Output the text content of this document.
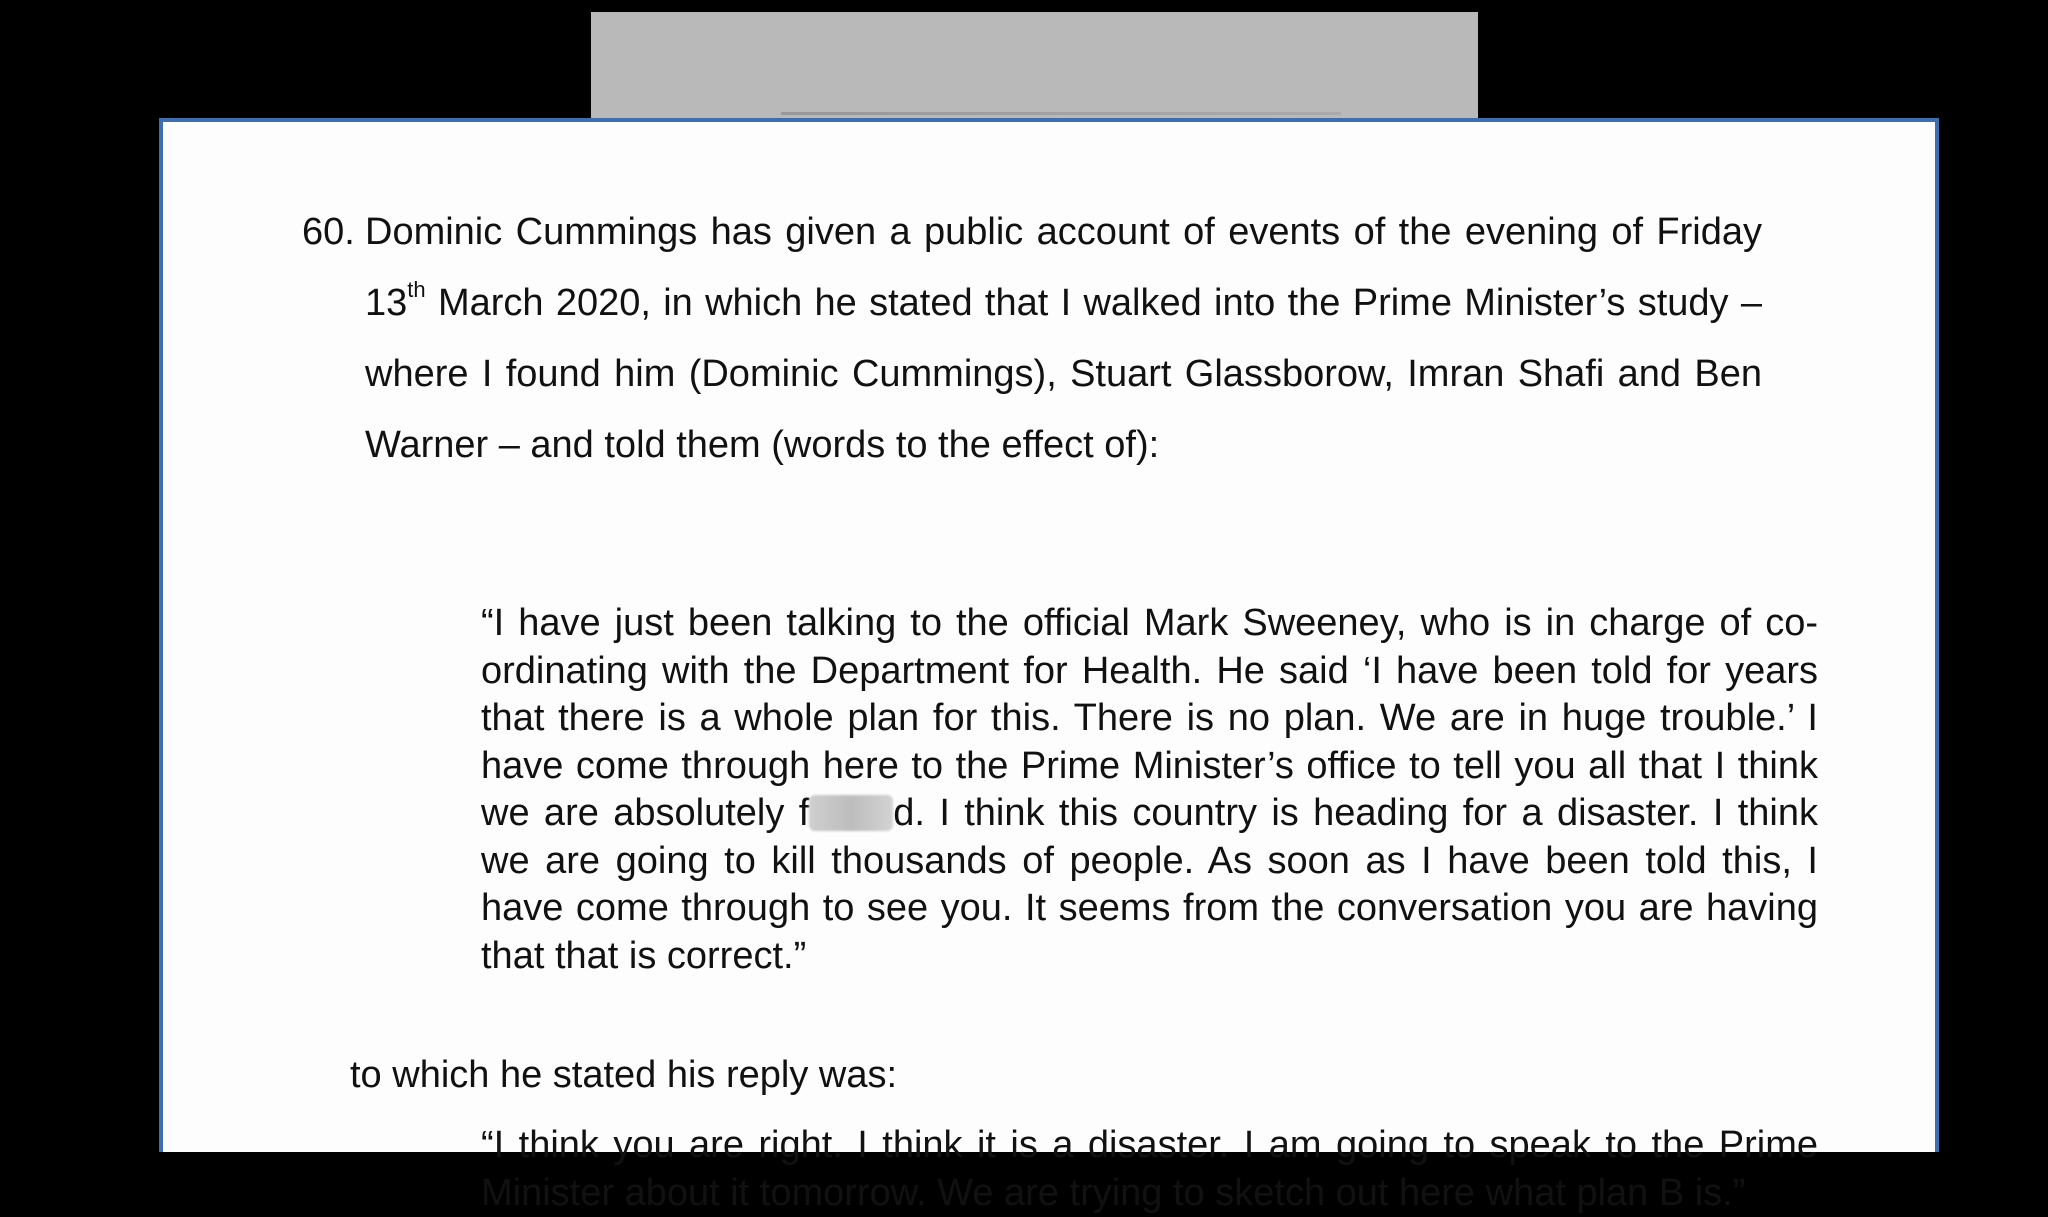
60. Dominic Cummings has given a public account of events of the evening of Friday 13th March 2020, in which he stated that I walked into the Prime Minister’s study – where I found him (Dominic Cummings), Stuart Glassborow, Imran Shafi and Ben Warner – and told them (words to the effect of):
“I have just been talking to the official Mark Sweeney, who is in charge of co-ordinating with the Department for Health. He said ‘I have been told for years that there is a whole plan for this. There is no plan. We are in huge trouble.’ I have come through here to the Prime Minister’s office to tell you all that I think we are absolutely f d. I think this country is heading for a disaster. I think we are going to kill thousands of people. As soon as I have been told this, I have come through to see you. It seems from the conversation you are having that that is correct.”
to which he stated his reply was:
“I think you are right. I think it is a disaster. I am going to speak to the Prime Minister about it tomorrow. We are trying to sketch out here what plan B is.”
